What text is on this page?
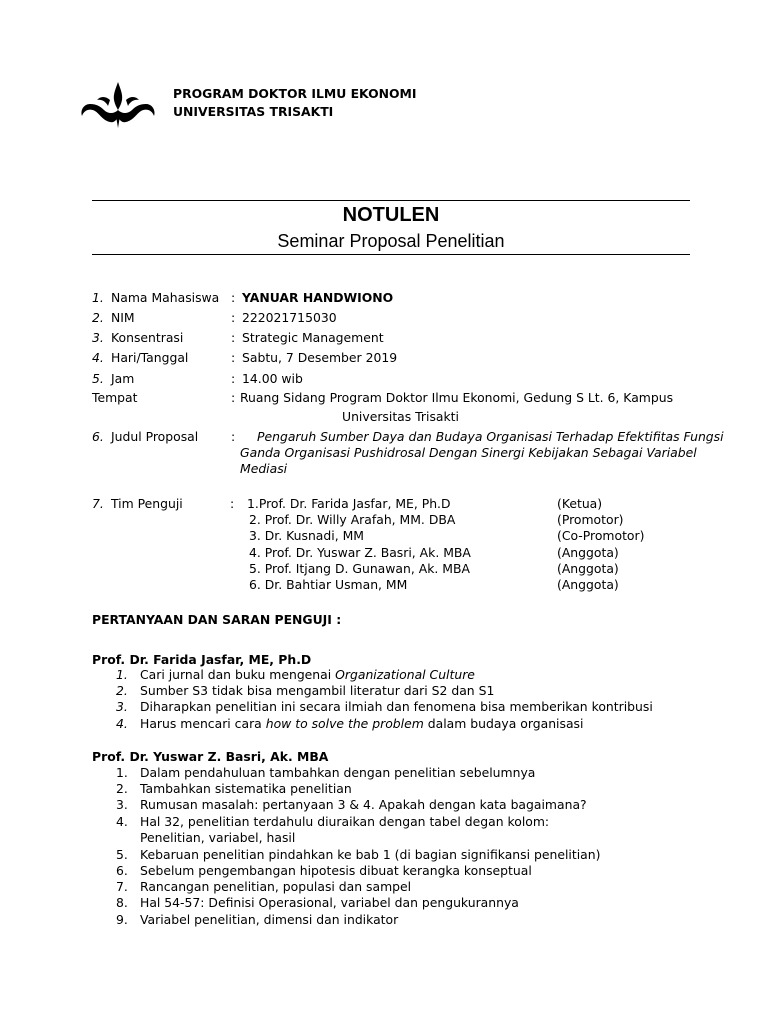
PROGRAM DOKTOR ILMU EKONOMI
UNIVERSITAS TRISAKTI
NOTULEN
Seminar Proposal Penelitian
1. Nama Mahasiswa : YANUAR HANDWIONO
2. NIM	: 222021715030
3. Konsentrasi	: Strategic Management
4. Hari/Tanggal	: Sabtu, 7 Desember 2019
5. Jam	: 14.00 wib
Tempat	: Ruang Sidang Program Doktor Ilmu Ekonomi, Gedung S Lt. 6, Kampus
Universitas Trisakti
6. Judul Proposal	: Pengaruh Sumber Daya dan Budaya Organisasi Terhadap Efektifitas Fungsi
Ganda Organisasi Pushidrosal Dengan Sinergi Kebijakan Sebagai Variabel
Mediasi
7. Tim Penguji	: 1.Prof. Dr. Farida Jasfar, ME, Ph.D	(Ketua)
2. Prof. Dr. Willy Arafah, MM. DBA	(Promotor)
3. Dr. Kusnadi, MM	(Co-Promotor)
4. Prof. Dr. Yuswar Z. Basri, Ak. MBA	(Anggota)
5. Prof. Itjang D. Gunawan, Ak. MBA	(Anggota)
6. Dr. Bahtiar Usman, MM	(Anggota)
PERTANYAAN DAN SARAN PENGUJI :
Prof. Dr. Farida Jasfar, ME, Ph.D
1. Cari jurnal dan buku mengenai Organizational Culture
2. Sumber S3 tidak bisa mengambil literatur dari S2 dan S1
3. Diharapkan penelitian ini secara ilmiah dan fenomena bisa memberikan kontribusi
4. Harus mencari cara how to solve the problem dalam budaya organisasi
Prof. Dr. Yuswar Z. Basri, Ak. MBA
1. Dalam pendahuluan tambahkan dengan penelitian sebelumnya
2. Tambahkan sistematika penelitian
3. Rumusan masalah: pertanyaan 3 & 4. Apakah dengan kata bagaimana?
4. Hal 32, penelitian terdahulu diuraikan dengan tabel degan kolom:
Penelitian, variabel, hasil
5. Kebaruan penelitian pindahkan ke bab 1 (di bagian signifikansi penelitian)
6. Sebelum pengembangan hipotesis dibuat kerangka konseptual
7. Rancangan penelitian, populasi dan sampel
8. Hal 54-57: Definisi Operasional, variabel dan pengukurannya
9. Variabel penelitian, dimensi dan indikator
